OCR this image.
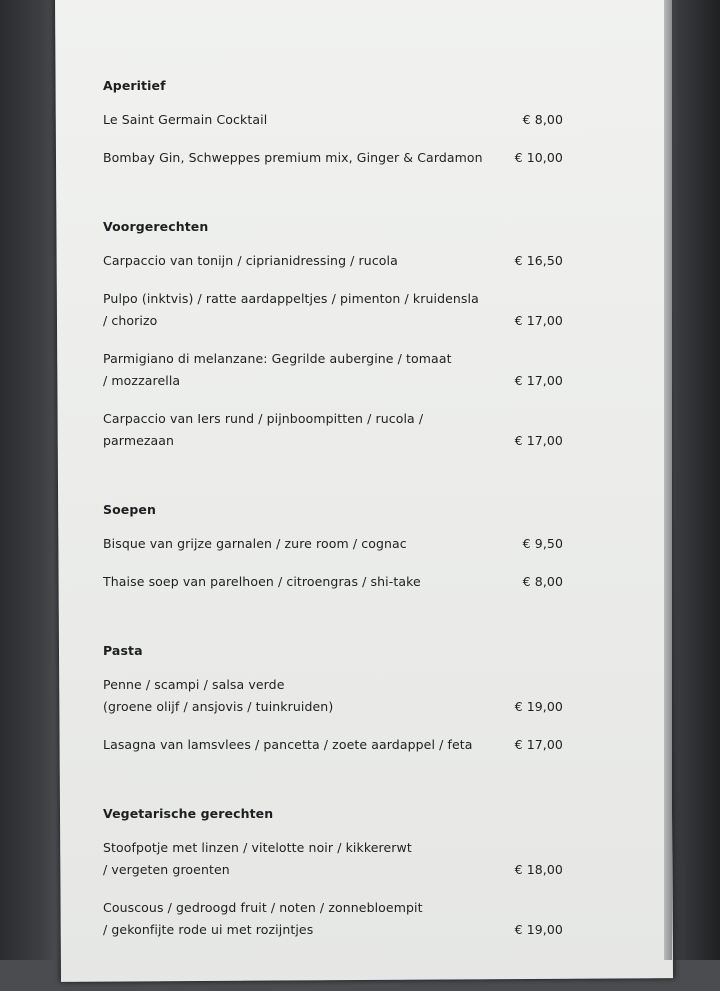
Aperitief
Le Saint Germain Cocktail	€ 8,00
Bombay Gin, Schweppes premium mix, Ginger & Cardamon	€ 10,00
Voorgerechten
Carpaccio van tonijn / ciprianidressing / rucola	€ 16,50
Pulpo (inktvis) / ratte aardappeltjes / pimenton / kruidensla
/ chorizo	€ 17,00
Parmigiano di melanzane: Gegrilde aubergine / tomaat
/ mozzarella	€ 17,00
Carpaccio van Iers rund / pijnboompitten / rucola / parmezaan	€ 17,00
Soepen
Bisque van grijze garnalen / zure room / cognac	€ 9,50
Thaise soep van parelhoen / citroengras / shi-take	€ 8,00
Pasta
Penne / scampi / salsa verde
(groene olijf / ansjovis / tuinkruiden)	€ 19,00
Lasagna van lamsvlees / pancetta / zoete aardappel / feta	€ 17,00
Vegetarische gerechten
Stoofpotje met linzen / vitelotte noir / kikkererwt
/ vergeten groenten	€ 18,00
Couscous / gedroogd fruit / noten / zonnebloempit
/ gekonfijte rode ui met rozijntjes	€ 19,00
